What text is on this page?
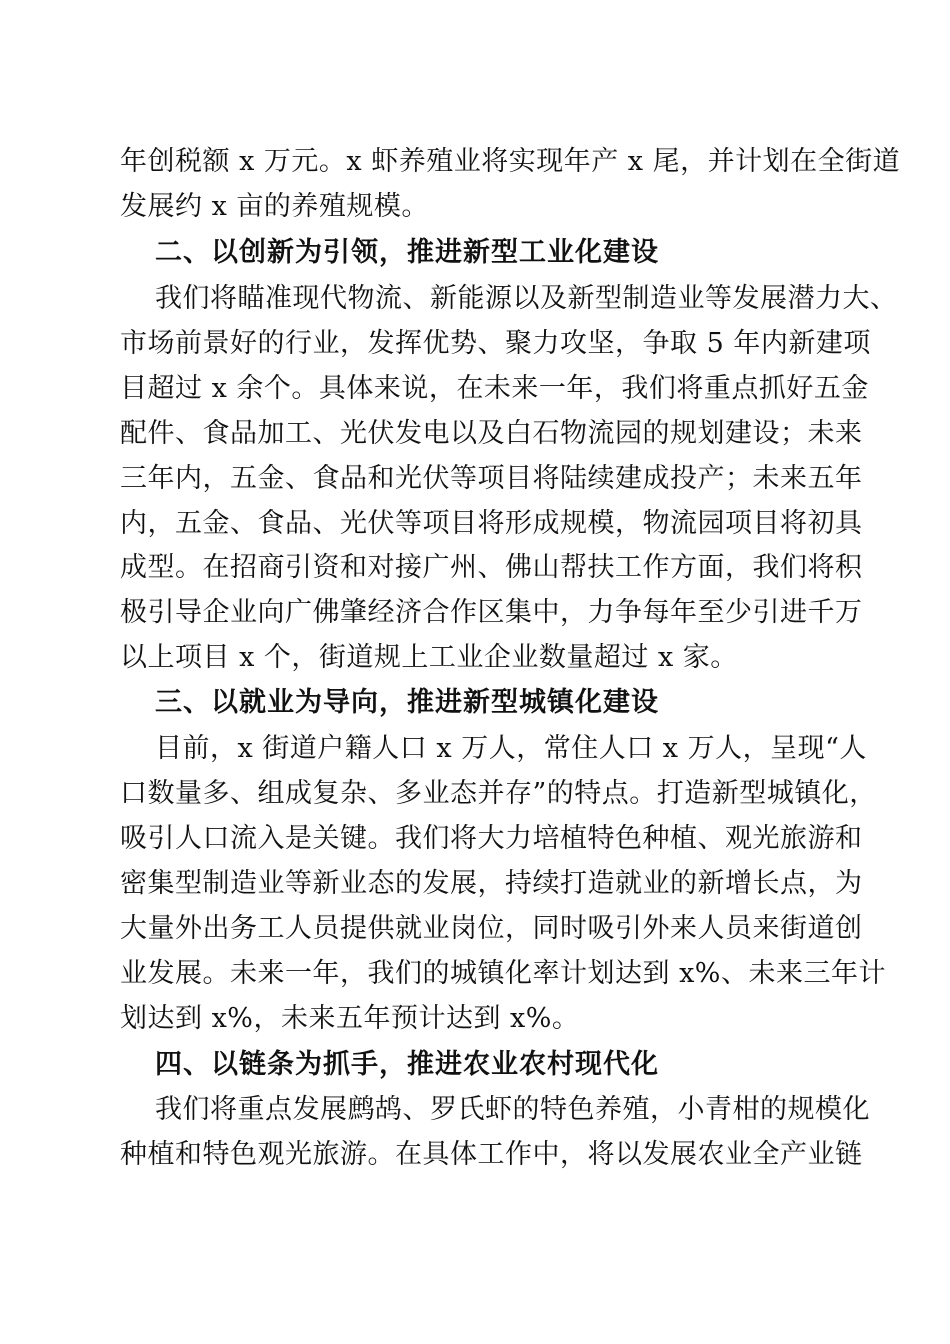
年创税额 x 万元。x 虾养殖业将实现年产 x 尾，并计划在全街道
发展约 x 亩的养殖规模。
二、以创新为引领，推进新型工业化建设
我们将瞄准现代物流、新能源以及新型制造业等发展潜力大、
市场前景好的行业，发挥优势、聚力攻坚，争取 5 年内新建项
目超过 x 余个。具体来说，在未来一年，我们将重点抓好五金
配件、食品加工、光伏发电以及白石物流园的规划建设；未来
三年内，五金、食品和光伏等项目将陆续建成投产；未来五年
内，五金、食品、光伏等项目将形成规模，物流园项目将初具
成型。在招商引资和对接广州、佛山帮扶工作方面，我们将积
极引导企业向广佛肇经济合作区集中，力争每年至少引进千万
以上项目 x 个，街道规上工业企业数量超过 x 家。
三、以就业为导向，推进新型城镇化建设
目前，x 街道户籍人口 x 万人，常住人口 x 万人，呈现“人
口数量多、组成复杂、多业态并存”的特点。打造新型城镇化，
吸引人口流入是关键。我们将大力培植特色种植、观光旅游和
密集型制造业等新业态的发展，持续打造就业的新增长点，为
大量外出务工人员提供就业岗位，同时吸引外来人员来街道创
业发展。未来一年，我们的城镇化率计划达到 x%、未来三年计
划达到 x%，未来五年预计达到 x%。
四、以链条为抓手，推进农业农村现代化
我们将重点发展鹧鸪、罗氏虾的特色养殖，小青柑的规模化
种植和特色观光旅游。在具体工作中，将以发展农业全产业链
